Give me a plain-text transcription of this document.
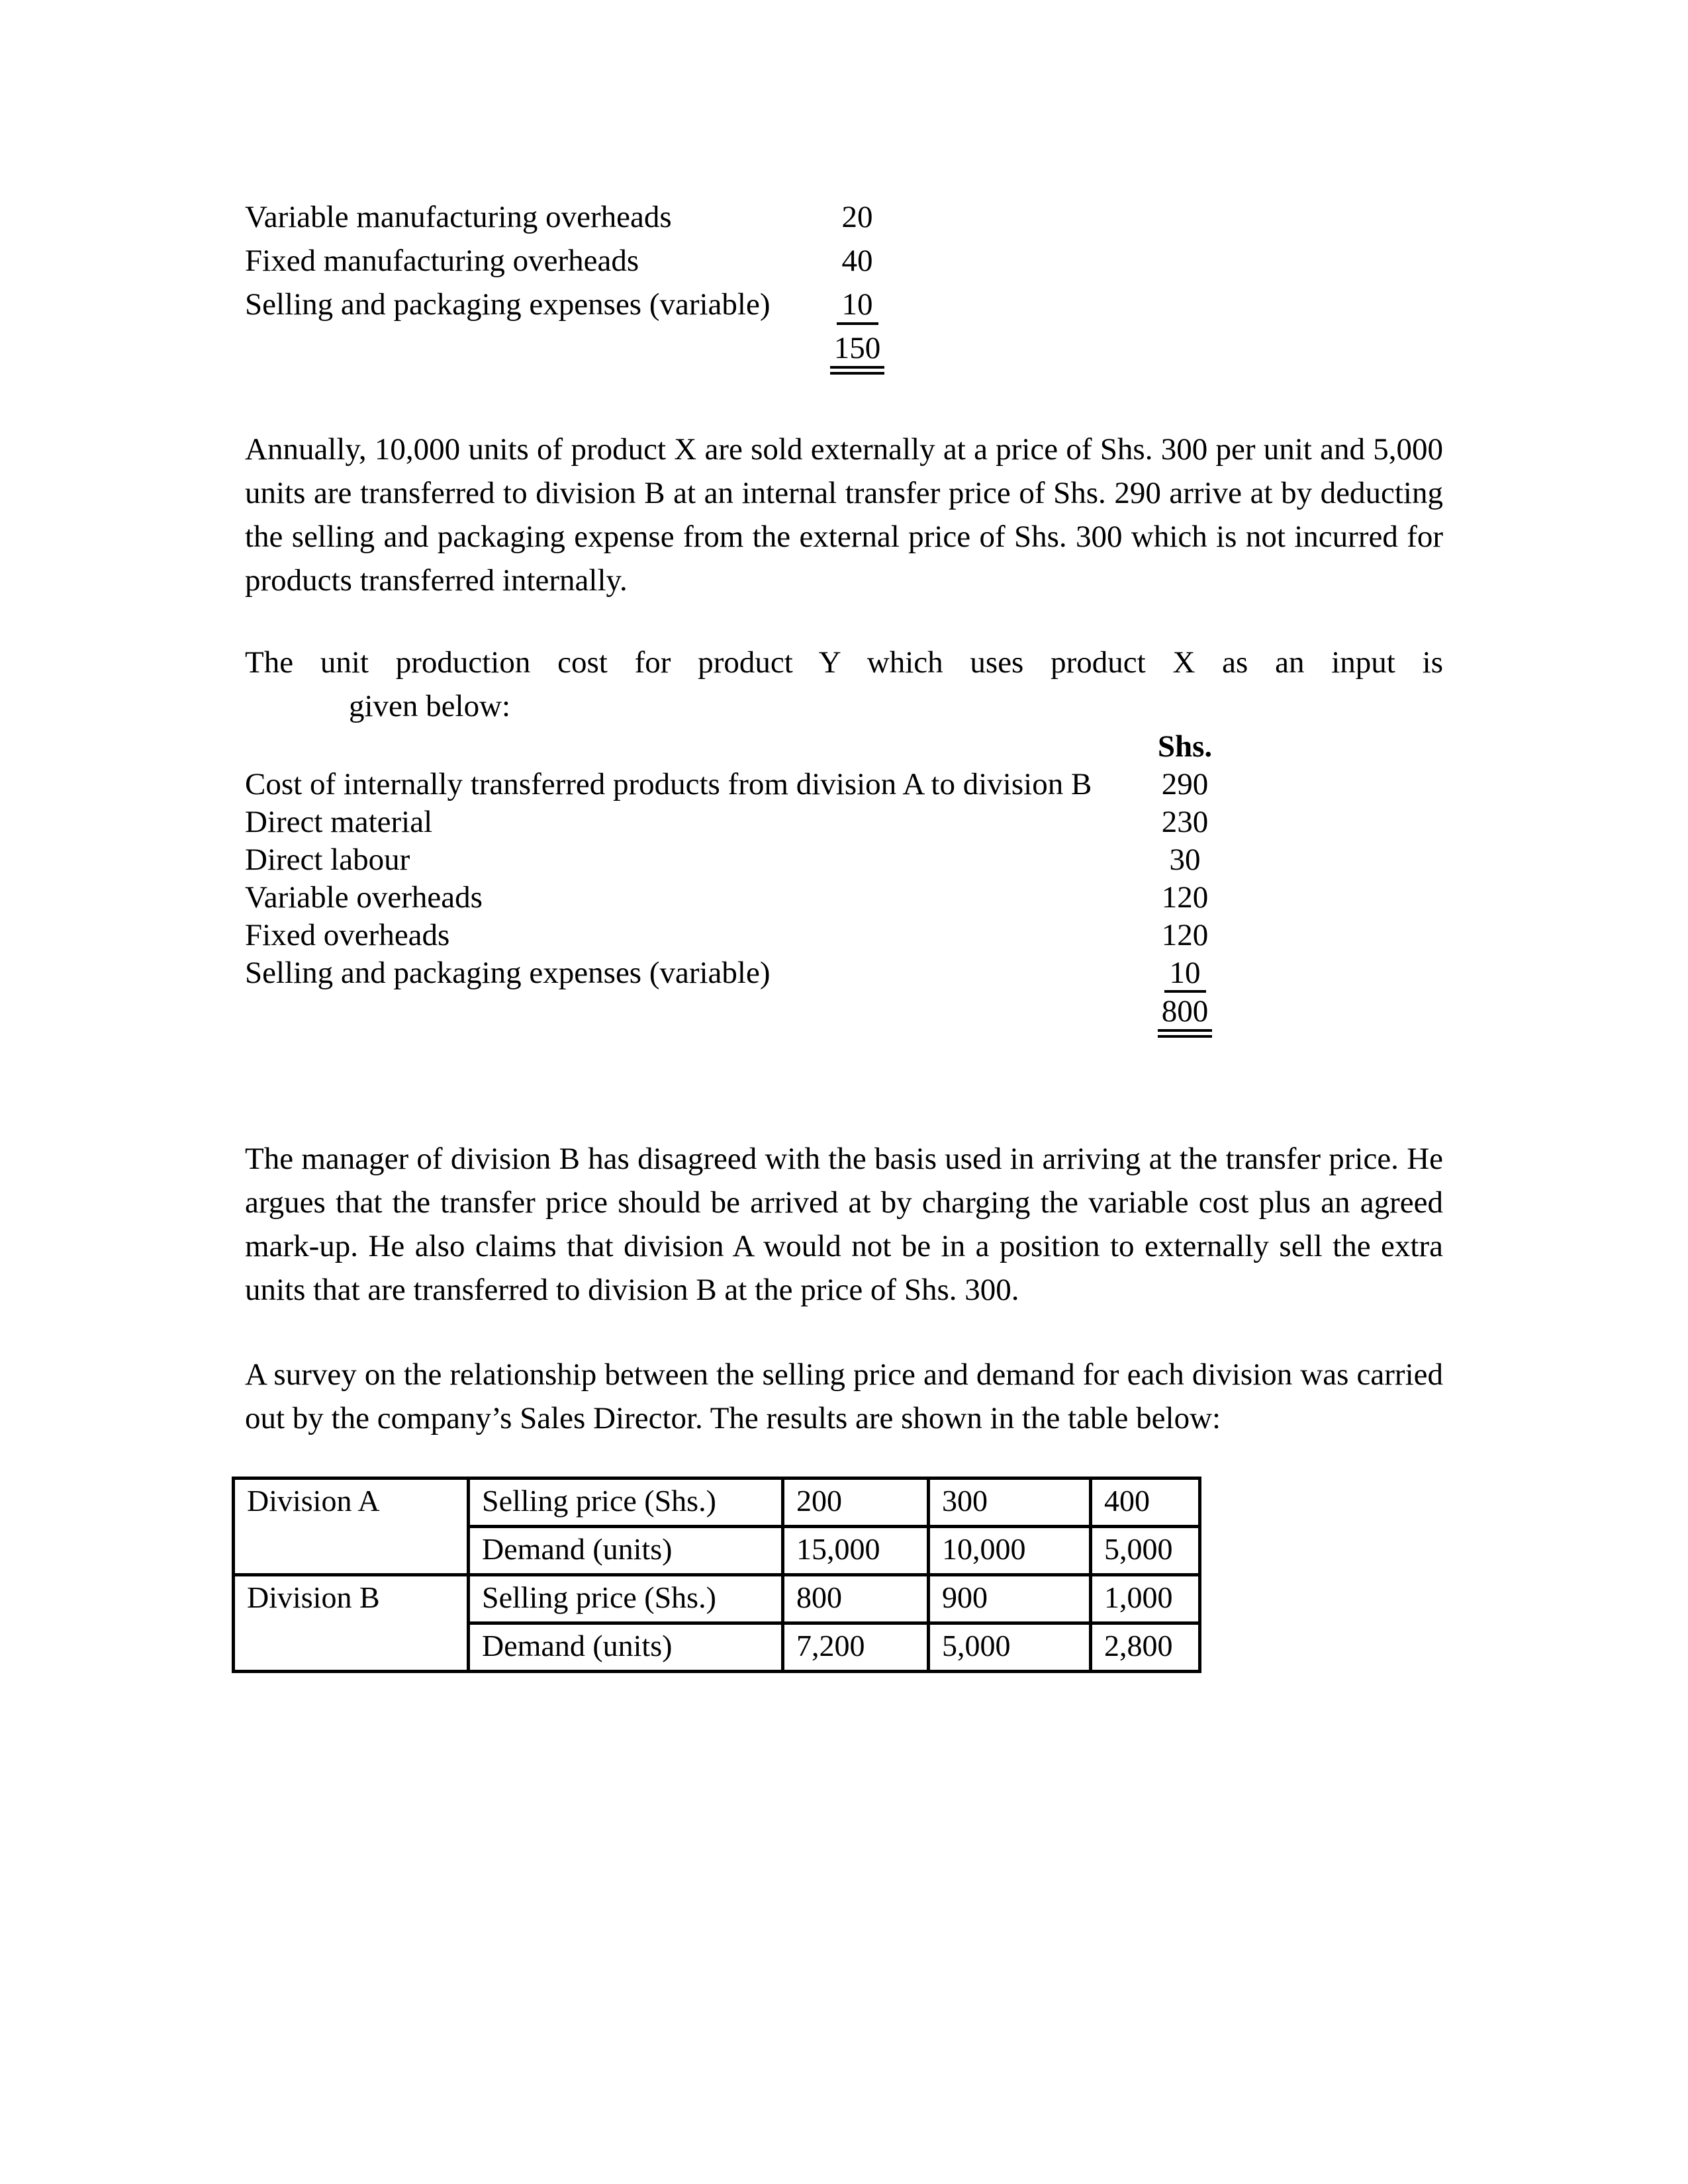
Variable manufacturing overheads	20
Fixed manufacturing overheads	40
Selling and packaging expenses (variable)	10
150

Annually, 10,000 units of product X are sold externally at a price of Shs. 300 per unit and 5,000 units are transferred to division B at an internal transfer price of Shs. 290 arrive at by deducting the selling and packaging expense from the external price of Shs. 300 which is not incurred for products transferred internally.

The unit production cost for product Y which uses product X as an input is
given below:
Shs.
Cost of internally transferred products from division A to division B	290
Direct material	230
Direct labour	30
Variable overheads	120
Fixed overheads	120
Selling and packaging expenses (variable)	10
800

The manager of division B has disagreed with the basis used in arriving at the transfer price. He argues that the transfer price should be arrived at by charging the variable cost plus an agreed mark-up. He also claims that division A would not be in a position to externally sell the extra units that are transferred to division B at the price of Shs. 300.

A survey on the relationship between the selling price and demand for each division was carried out by the company’s Sales Director. The results are shown in the table below:

Division A	Selling price (Shs.)	200	300	400
	Demand (units)	15,000	10,000	5,000
Division B	Selling price (Shs.)	800	900	1,000
	Demand (units)	7,200	5,000	2,800
